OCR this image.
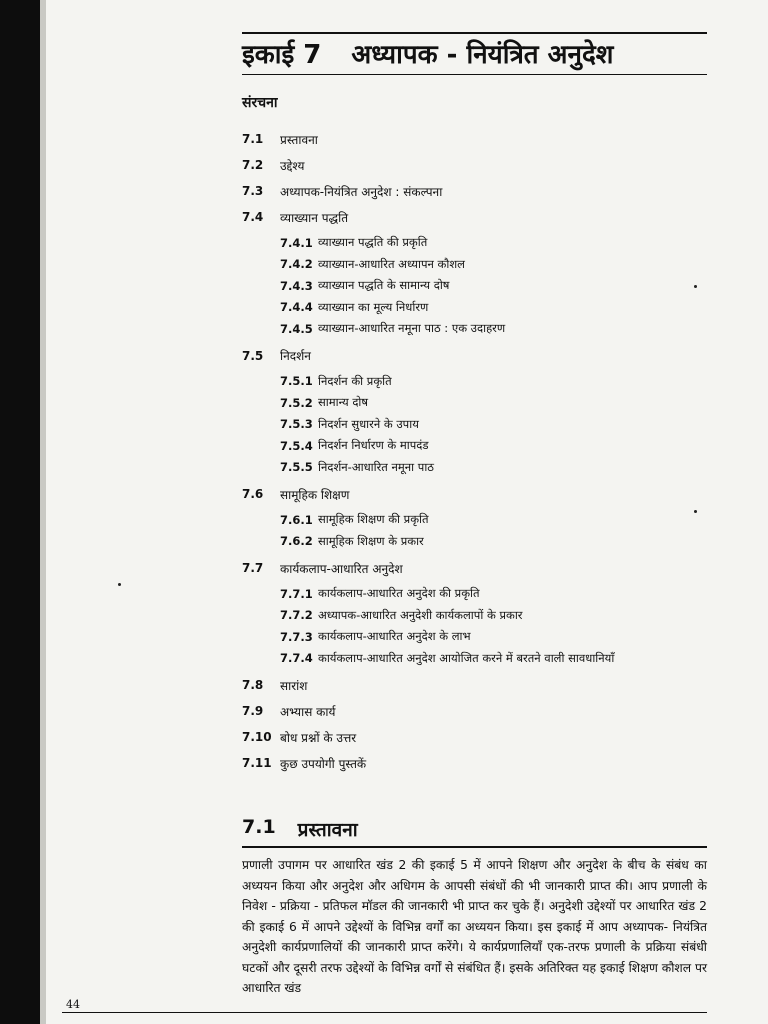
इकाई 7 अध्यापक - नियंत्रित अनुदेश
संरचना
7.1	प्रस्तावना
7.2	उद्देश्य
7.3	अध्यापक-नियंत्रित अनुदेश : संकल्पना
7.4	व्याख्यान पद्धति
7.4.1 व्याख्यान पद्धति की प्रकृति
7.4.2 व्याख्यान-आधारित अध्यापन कौशल
7.4.3 व्याख्यान पद्धति के सामान्य दोष
7.4.4 व्याख्यान का मूल्य निर्धारण
7.4.5 व्याख्यान-आधारित नमूना पाठ : एक उदाहरण
7.5	निदर्शन
7.5.1 निदर्शन की प्रकृति
7.5.2 सामान्य दोष
7.5.3 निदर्शन सुधारने के उपाय
7.5.4 निदर्शन निर्धारण के मापदंड
7.5.5 निदर्शन-आधारित नमूना पाठ
7.6	सामूहिक शिक्षण
7.6.1 सामूहिक शिक्षण की प्रकृति
7.6.2 सामूहिक शिक्षण के प्रकार
7.7	कार्यकलाप-आधारित अनुदेश
7.7.1 कार्यकलाप-आधारित अनुदेश की प्रकृति
7.7.2 अध्यापक-आधारित अनुदेशी कार्यकलापों के प्रकार
7.7.3 कार्यकलाप-आधारित अनुदेश के लाभ
7.7.4 कार्यकलाप-आधारित अनुदेश आयोजित करने में बरतने वाली सावधानियाँ
7.8	सारांश
7.9	अभ्यास कार्य
7.10 बोध प्रश्नों के उत्तर
7.11 कुछ उपयोगी पुस्तकें
7.1 प्रस्तावना
प्रणाली उपागम पर आधारित खंड 2 की इकाई 5 में आपने शिक्षण और अनुदेश के बीच के संबंध का अध्ययन किया और अनुदेश और अधिगम के आपसी संबंधों की भी जानकारी प्राप्त की। आप प्रणाली के निवेश - प्रक्रिया - प्रतिफल मॉडल की जानकारी भी प्राप्त कर चुके हैं। अनुदेशी उद्देश्यों पर आधारित खंड 2 की इकाई 6 में आपने उद्देश्यों के विभिन्न वर्गों का अध्ययन किया। इस इकाई में आप अध्यापक- नियंत्रित अनुदेशी कार्यप्रणालियों की जानकारी प्राप्त करेंगे। ये कार्यप्रणालियाँ एक-तरफ प्रणाली के प्रक्रिया संबंधी घटकों और दूसरी तरफ उद्देश्यों के विभिन्न वर्गों से संबंधित हैं। इसके अतिरिक्त यह इकाई शिक्षण कौशल पर आधारित खंड
44
